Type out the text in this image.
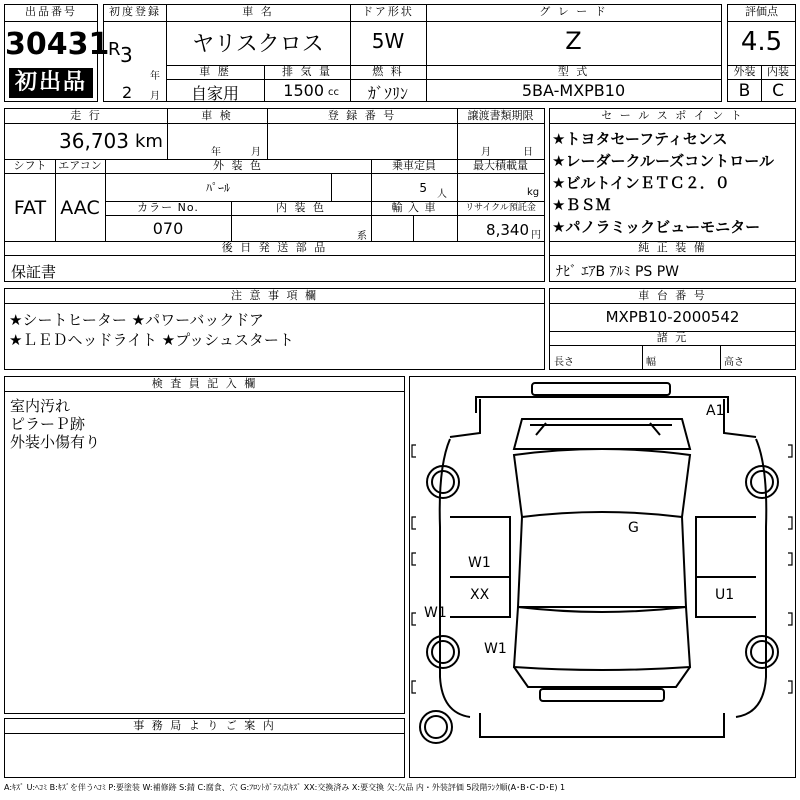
出品番号
30431
初出品
初度登録
R 3
年
2 月
車 名
ヤリスクロス
ドア形状
5W
グ レ ー ド
Z
車 歴
自家用
排 気 量
1500 cc
燃 料
ｶﾞｿﾘﾝ
型 式
5BA-MXPB10
評価点
4.5
外装	内装
B	C
走 行
36,703 km
車 検
年	月
登 録 番 号	譲渡書類期限
月	日
シフト
FAT
エアコン
AAC
外 装 色
ﾊﾟｰﾙ
乗車定員
5 人
最大積載量
kg
カラー No.
070
内 装 色
系
輸 入 車	リサイクル預託金
8,340 円
後 日 発 送 部 品
保証書
セ ー ル ス ポ イ ン ト
★トヨタセーフティセンス
★レーダークルーズコントロール
★ビルトインＥＴＣ２．０
★ＢＳＭ
★パノラミックビューモニター
純 正 装 備
ﾅﾋﾞ ｴｱB ｱﾙﾐ PS PW
注 意 事 項 欄
★シートヒーター ★パワーバックドア
★ＬＥＤヘッドライト ★プッシュスタート
車 台 番 号
MXPB10-2000542
諸 元
長さ	幅	高さ
検 査 員 記 入 欄
室内汚れ
ピラーＰ跡
外装小傷有り
事 務 局 よ り ご 案 内
A1
G
W1
XX	U1
W1
W1
A:ｷｽﾞ U:ﾍｺﾐ B:ｷｽﾞを伴うﾍｺﾐ P:要塗装 W:補修跡 S:錆 C:腐食、穴 G:ﾌﾛﾝﾄｶﾞﾗｽ点ｷｽﾞ XX:交換済み X:要交換 欠:欠品 内・外装評価 5段階ﾗﾝｸ順(A･B･C･D･E) 1
